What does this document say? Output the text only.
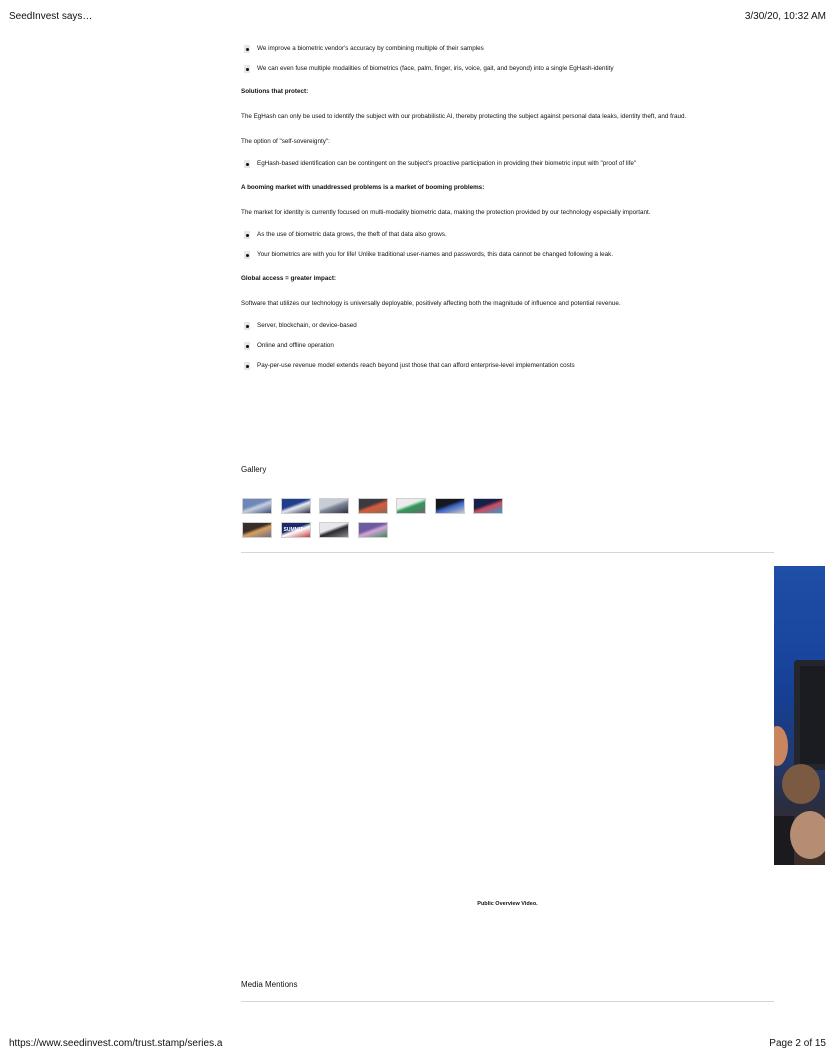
SeedInvest says…	3/30/20, 10:32 AM
We improve a biometric vendor's accuracy by combining multiple of their samples
We can even fuse multiple modalities of biometrics (face, palm, finger, iris, voice, gait, and beyond) into a single EgHash-identity
Solutions that protect:
The EgHash can only be used to identify the subject with our probabilistic AI, thereby protecting the subject against personal data leaks, identity theft, and fraud.
The option of "self-sovereignty":
EgHash-based identification can be contingent on the subject's proactive participation in providing their biometric input with "proof of life"
A booming market with unaddressed problems is a market of booming problems:
The market for identity is currently focused on multi-modality biometric data, making the protection provided by our technology especially important.
As the use of biometric data grows, the theft of that data also grows.
Your biometrics are with you for life! Unlike traditional user-names and passwords, this data cannot be changed following a leak.
Global access = greater impact:
Software that utilizes our technology is universally deployable, positively affecting both the magnitude of influence and potential revenue.
Server, blockchain, or device-based
Online and offline operation
Pay-per-use revenue model extends reach beyond just those that can afford enterprise-level implementation costs
Gallery
SUMMIT
Public Overview Video.
Media Mentions
https://www.seedinvest.com/trust.stamp/series.a	Page 2 of 15
